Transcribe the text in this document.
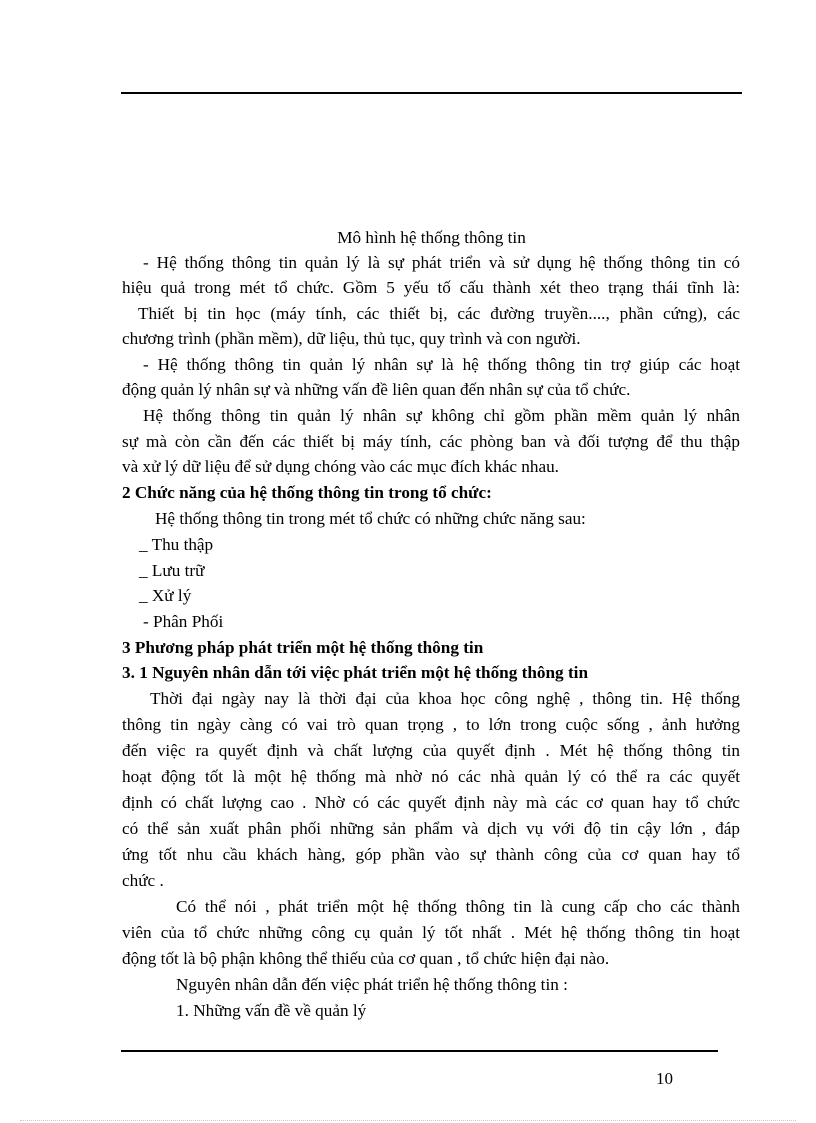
Mô hình hệ thống thông tin

- Hệ thống thông tin quản lý là sự phát triển và sử dụng hệ thống thông tin có

hiệu quả trong mét tổ chức. Gồm 5 yếu tố cấu thành xét theo trạng thái tĩnh là:

Thiết bị tin học (máy tính, các thiết bị, các đường truyền...., phần cứng), các

chương trình (phần mềm), dữ liệu, thủ tục, quy trình và con người.

- Hệ thống thông tin quản lý nhân sự là hệ thống thông tin trợ giúp các hoạt

động quản lý nhân sự và những vấn đề liên quan đến nhân sự của tổ chức.

Hệ thống thông tin quản lý nhân sự không chỉ gồm phần mềm quản lý nhân

sự mà còn cần đến các thiết bị máy tính, các phòng ban và đối tượng để thu thập

và xử lý dữ liệu để sử dụng chóng vào các mục đích khác nhau.

2 Chức năng của hệ thống thông tin trong tổ chức:

Hệ thống thông tin trong mét tổ chức có những chức năng sau:

_ Thu thập

_ Lưu trữ

_ Xử lý

- Phân Phối

3 Phương pháp phát triển một hệ thống thông tin

3. 1 Nguyên nhân dẫn tới việc phát triển một hệ thống thông tin

Thời đại ngày nay là thời đại của khoa học công nghệ , thông tin. Hệ thống

thông tin ngày càng có vai trò quan trọng , to lớn trong cuộc sống , ảnh hưởng

đến việc ra quyết định và chất lượng của quyết định . Mét hệ thống thông tin

hoạt động tốt là một hệ thống mà nhờ nó các nhà quản lý có thể ra các quyết

định có chất lượng cao . Nhờ có các quyết định này mà các cơ quan hay tổ chức

có thể sản xuất phân phối những sản phẩm và dịch vụ với độ tin cậy lớn , đáp

ứng tốt nhu cầu khách hàng, góp phần vào sự thành công của cơ quan hay tổ

chức .

Có thể nói , phát triển một hệ thống thông tin là cung cấp cho các thành

viên của tổ chức những công cụ quản lý tốt nhất . Mét hệ thống thông tin hoạt

động tốt là bộ phận không thể thiếu của cơ quan , tổ chức hiện đại nào.

Nguyên nhân dẫn đến việc phát triển hệ thống thông tin :

1. Những vấn đề về quản lý

10
